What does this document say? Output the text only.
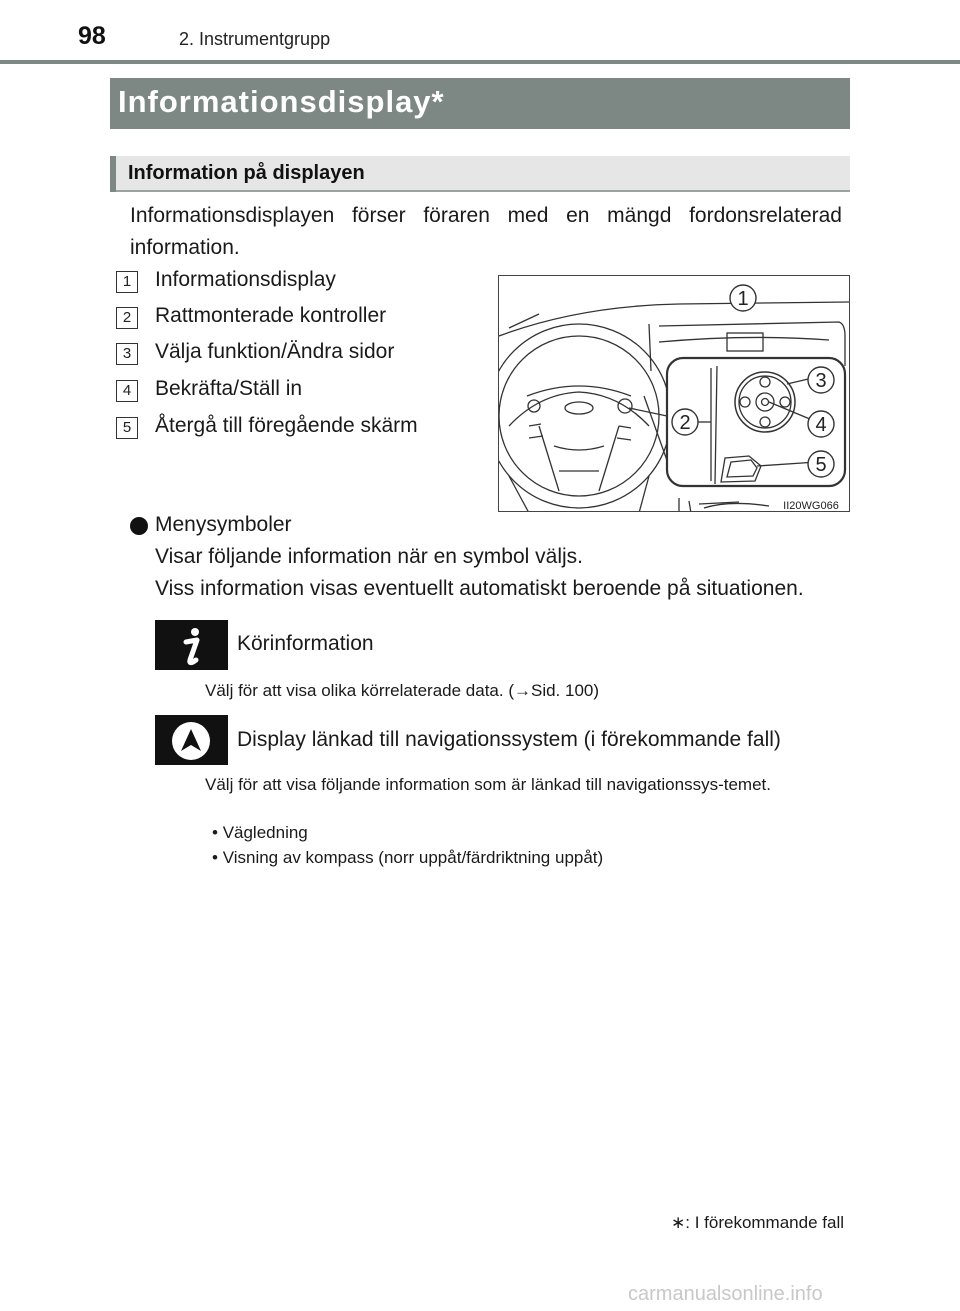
98	2. Instrumentgrupp
Informationsdisplay*
Information på displayen
Informationsdisplayen förser föraren med en mängd fordonsrelaterad information.
1	Informationsdisplay
2	Rattmonterade kontroller
3	Välja funktion/Ändra sidor
4	Bekräfta/Ställ in
5	Återgå till föregående skärm
1
2
3
4
5
II20WG066
Menysymboler
Visar följande information när en symbol väljs.
Viss information visas eventuellt automatiskt beroende på situationen.
Körinformation
Välj för att visa olika körrelaterade data. (→Sid. 100)
Display länkad till navigationssystem (i förekommande fall)
Välj för att visa följande information som är länkad till navigationssys-temet.
• Vägledning
• Visning av kompass (norr uppåt/färdriktning uppåt)
∗: I förekommande fall
carmanualsonline.info
